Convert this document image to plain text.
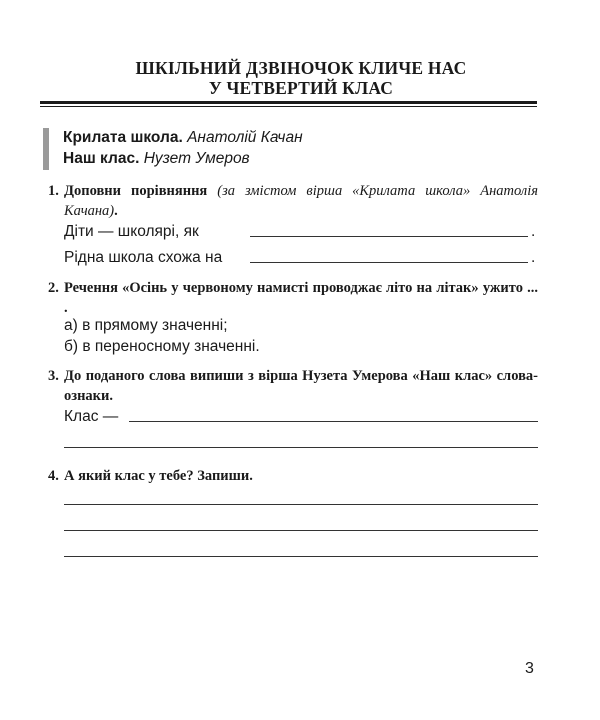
ШКІЛЬНИЙ ДЗВІНОЧОК КЛИЧЕ НАС
У ЧЕТВЕРТИЙ КЛАС
Крилата школа. Анатолій Качан
Наш клас. Нузет Умеров
1. Доповни порівняння (за змістом вірша «Крилата школа» Анатолія Качана).
Діти — школярі, як	.
Рідна школа схожа на	.
2. Речення «Осінь у червоному намисті проводжає літо на літак» ужито ... .
а) в прямому значенні;
б) в переносному значенні.
3. До поданого слова випиши з вірша Нузета Умерова «Наш клас» слова-ознаки.
Клас —
4. А який клас у тебе? Запиши.
3
